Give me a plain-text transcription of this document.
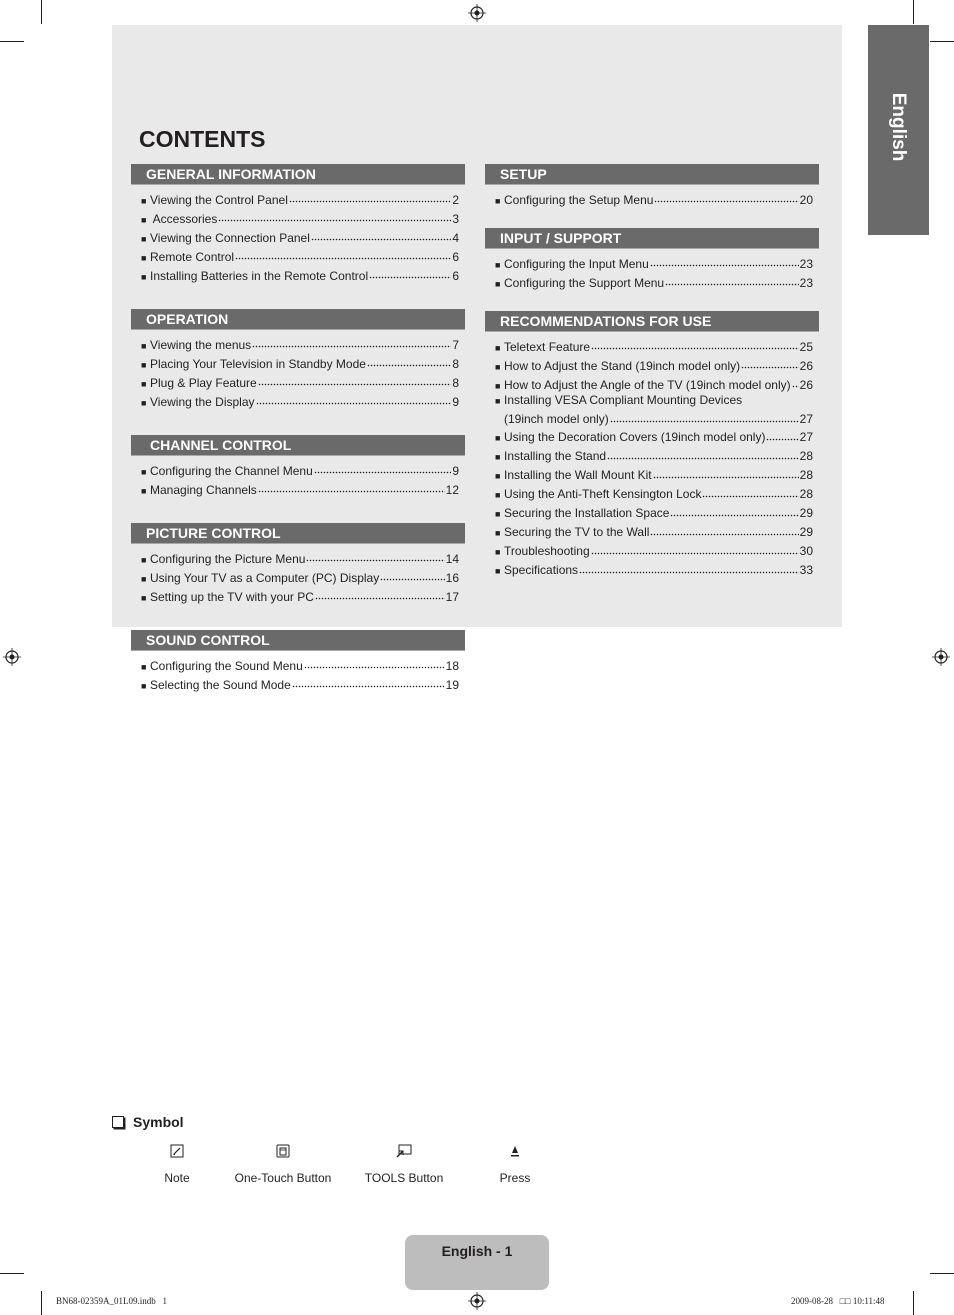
English
CONTENTS
GENERAL INFORMATION
■ Viewing the Control Panel	2
■ Accessories	3
■ Viewing the Connection Panel	4
■ Remote Control	6
■ Installing Batteries in the Remote Control	6
OPERATION
■ Viewing the menus	7
■ Placing Your Television in Standby Mode	8
■ Plug & Play Feature	8
■ Viewing the Display	9
CHANNEL CONTROL
■ Configuring the Channel Menu	9
■ Managing Channels	12
PICTURE CONTROL
■ Configuring the Picture Menu	14
■ Using Your TV as a Computer (PC) Display	16
■ Setting up the TV with your PC	17
SOUND CONTROL
■ Configuring the Sound Menu	18
■ Selecting the Sound Mode	19
SETUP
■ Configuring the Setup Menu	20
INPUT / SUPPORT
■ Configuring the Input Menu	23
■ Configuring the Support Menu	23
RECOMMENDATIONS FOR USE
■ Teletext Feature	25
■ How to Adjust the Stand (19inch model only)	26
■ How to Adjust the Angle of the TV (19inch model only) 26
■ Installing VESA Compliant Mounting Devices
(19inch model only)	27
■ Using the Decoration Covers (19inch model only)	27
■ Installing the Stand	28
■ Installing the Wall Mount Kit	28
■ Using the Anti-Theft Kensington Lock	28
■ Securing the Installation Space	29
■ Securing the TV to the Wall	29
■ Troubleshooting	30
■ Specifications	33
Symbol
Note	One-Touch Button	TOOLS Button	Press
English - 1
BN68-02359A_01L09.indb   1	2009-08-28   □□ 10:11:48
